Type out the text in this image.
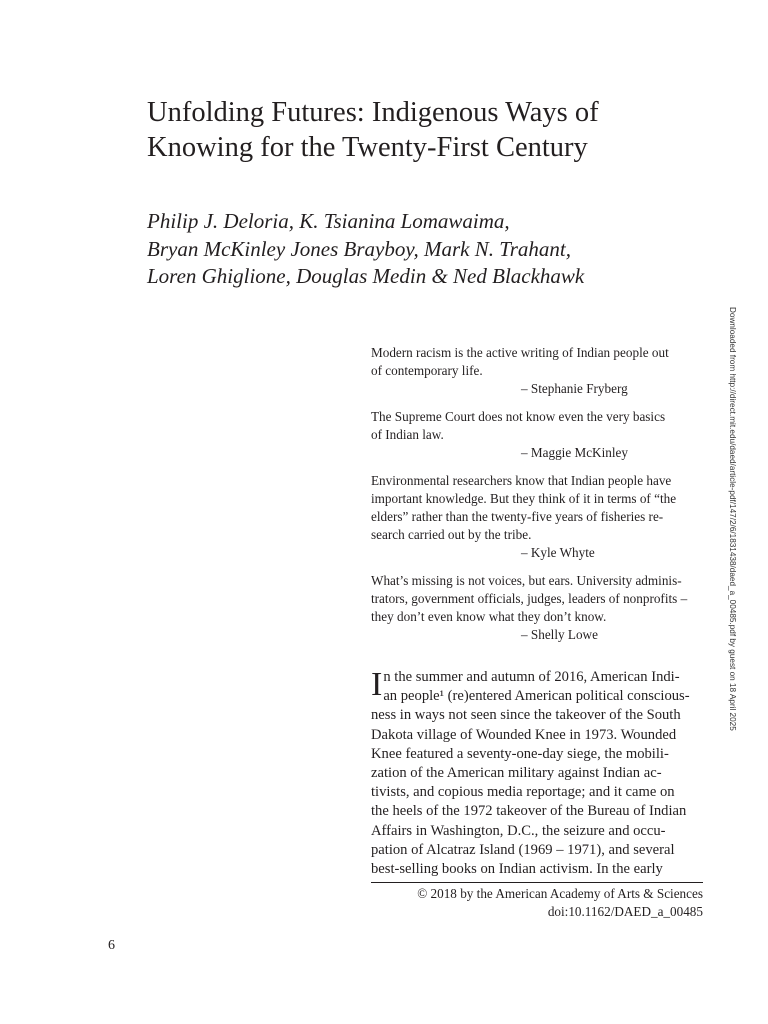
Unfolding Futures: Indigenous Ways of
Knowing for the Twenty-First Century
Philip J. Deloria, K. Tsianina Lomawaima,
Bryan McKinley Jones Brayboy, Mark N. Trahant,
Loren Ghiglione, Douglas Medin & Ned Blackhawk
Modern racism is the active writing of Indian people out
of contemporary life.
– Stephanie Fryberg
The Supreme Court does not know even the very basics
of Indian law.
– Maggie McKinley
Environmental researchers know that Indian people have
important knowledge. But they think of it in terms of “the
elders” rather than the twenty-five years of fisheries re-
search carried out by the tribe.
– Kyle Whyte
What’s missing is not voices, but ears. University adminis-
trators, government officials, judges, leaders of nonprofits –
they don’t even know what they don’t know.
– Shelly Lowe
I n the summer and autumn of 2016, American Indi-
an people¹ (re)entered American political conscious-
ness in ways not seen since the takeover of the South
Dakota village of Wounded Knee in 1973. Wounded
Knee featured a seventy-one-day siege, the mobili-
zation of the American military against Indian ac-
tivists, and copious media reportage; and it came on
the heels of the 1972 takeover of the Bureau of Indian
Affairs in Washington, D.C., the seizure and occu-
pation of Alcatraz Island (1969 – 1971), and several
best-selling books on Indian activism. In the early
© 2018 by the American Academy of Arts & Sciences
doi:10.1162/DAED_a_00485
6
Downloaded from http://direct.mit.edu/daed/article-pdf/147/2/6/1831438/daed_a_00485.pdf by guest on 18 April 2025
